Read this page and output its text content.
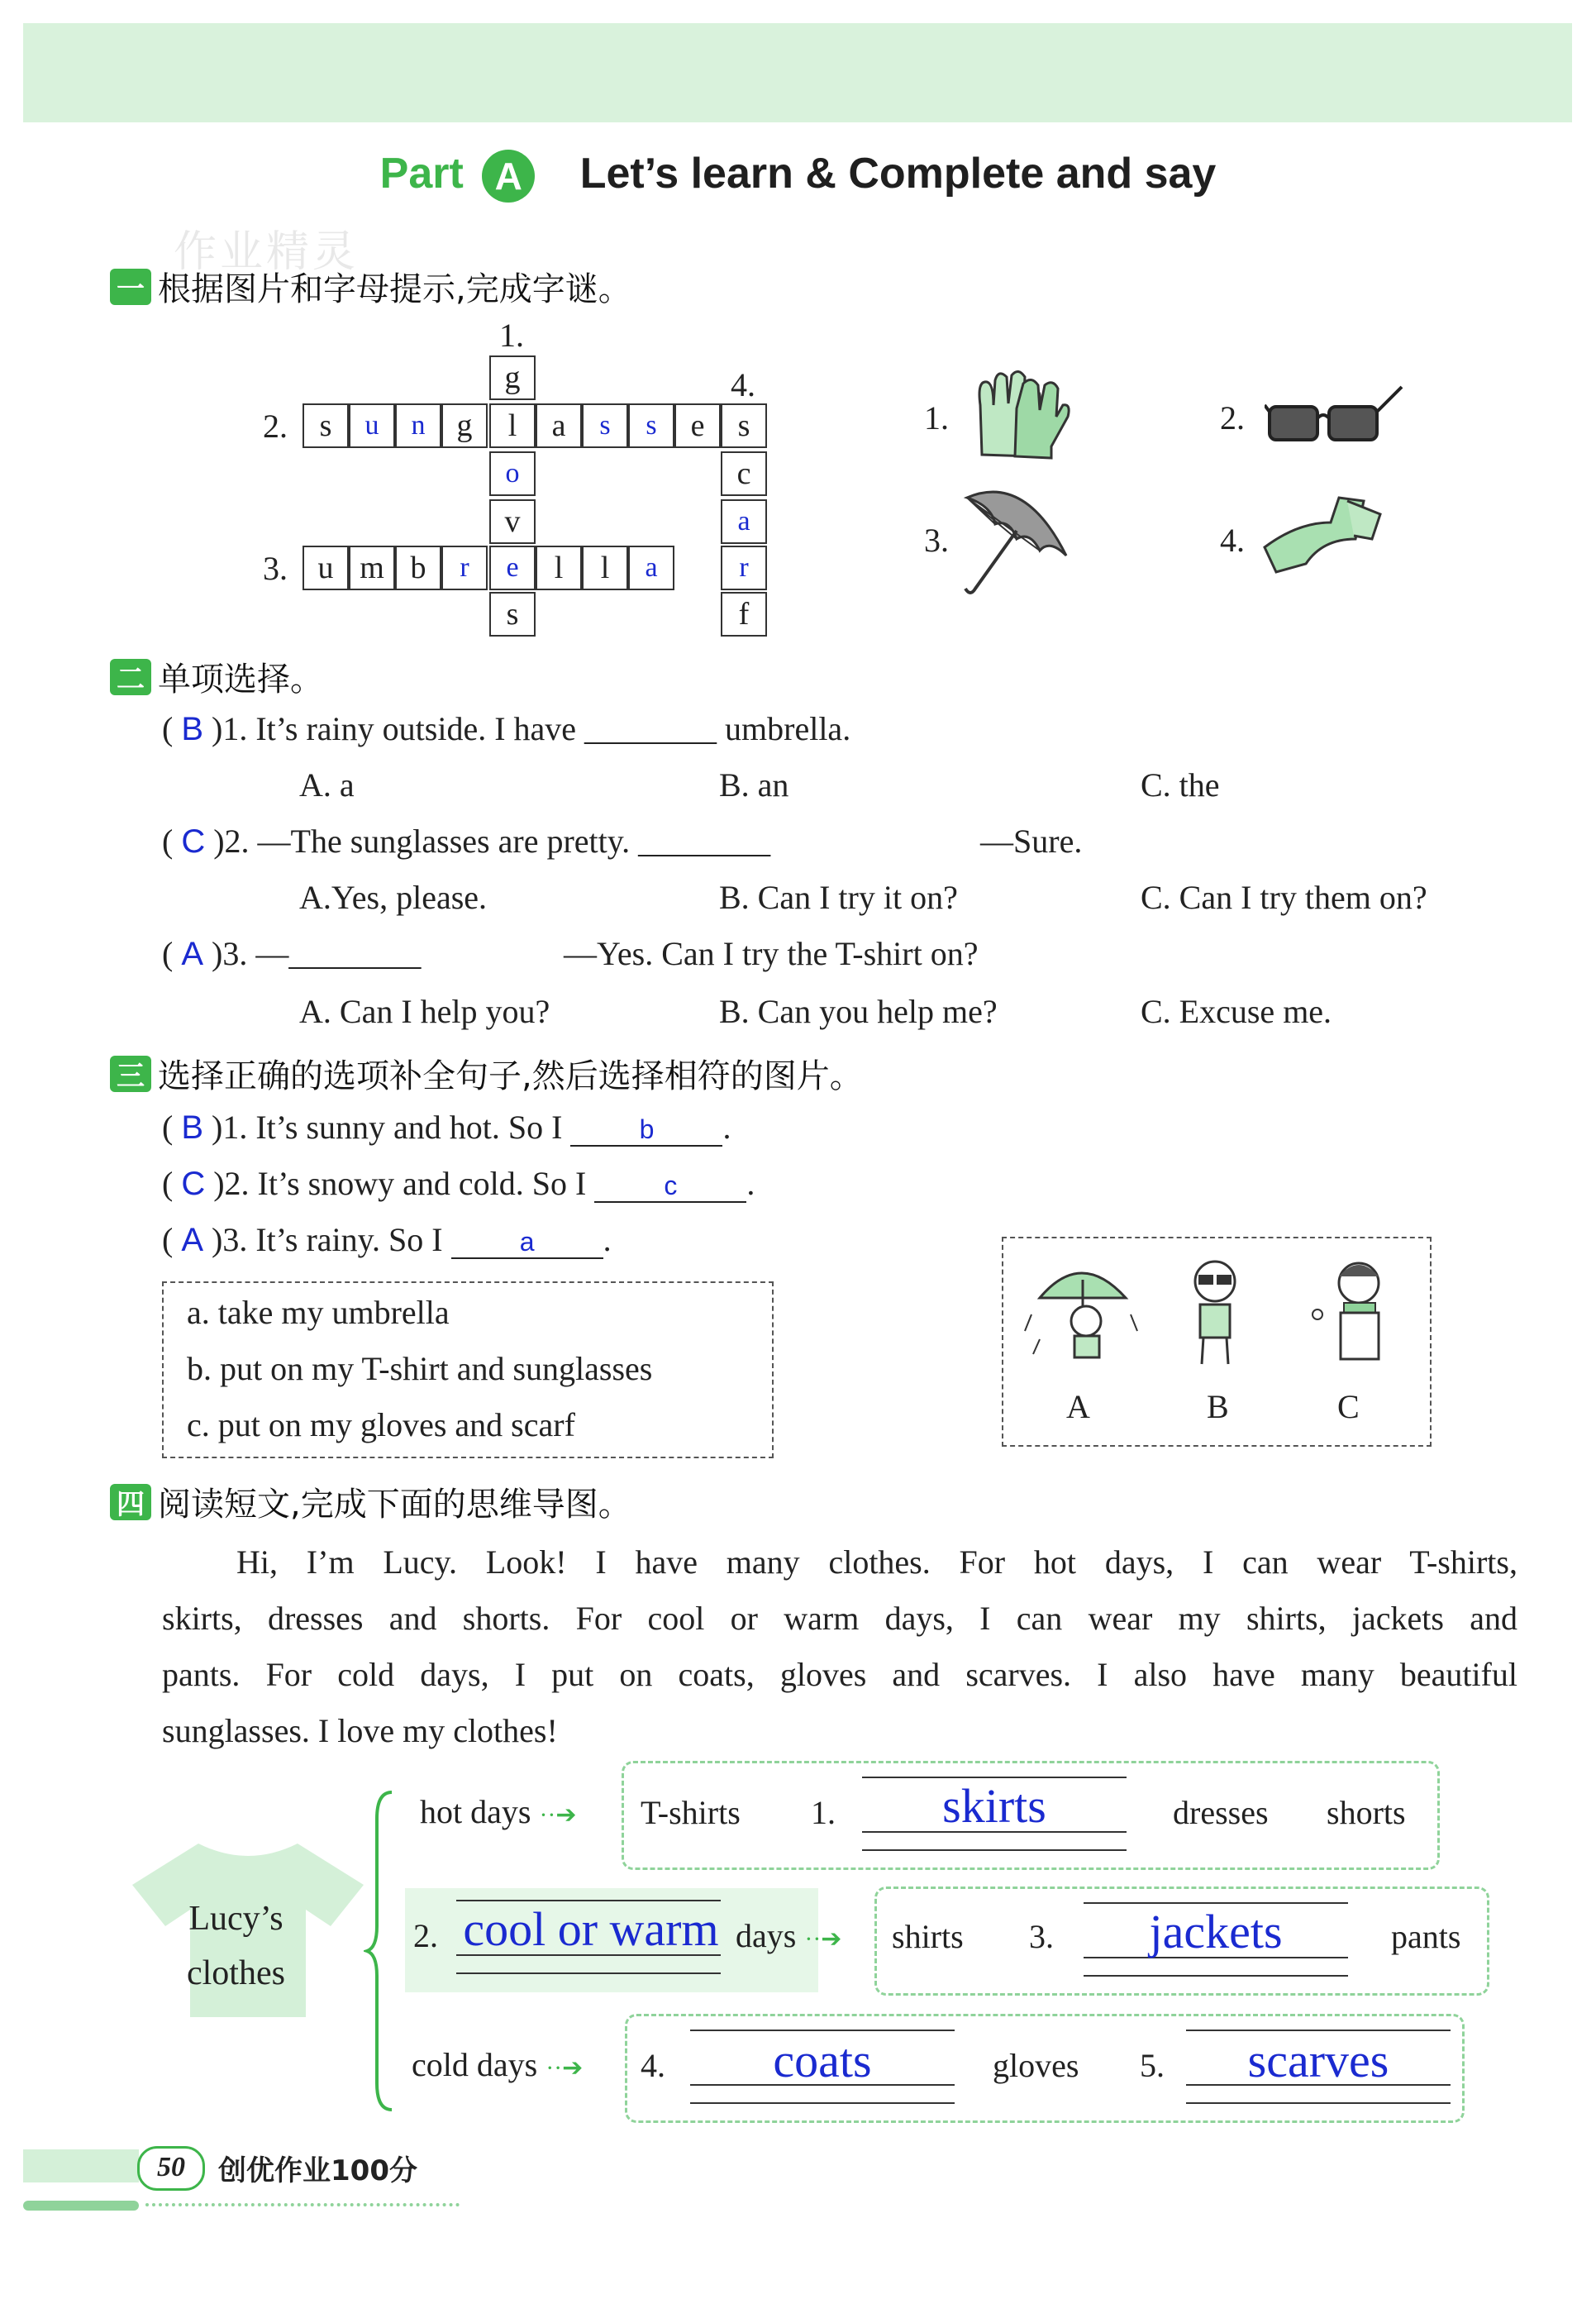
Part A Let’s learn & Complete and say
作业精灵
一 根据图片和字母提示,完成字谜。
1.
2.
3.
4.
g
s	u	n	g	l	a	s	s	e	s
o	c
v	a
u m b	r	e	l	l	a	r
s	f
1.	2.
3.	4.
二 单项选择。
( B )1. It’s rainy outside. I have ________ umbrella.
A. a	B. an	C. the
( C )2. —The sunglasses are pretty. ________	—Sure.
A.Yes, please.	B. Can I try it on?	C. Can I try them on?
( A )3. —________	—Yes. Can I try the T-shirt on?
A. Can I help you?	B. Can you help me?	C. Excuse me.
三 选择正确的选项补全句子,然后选择相符的图片。
( B )1. It’s sunny and hot. So I	b .
( C )2. It’s snowy and cold. So I	c .
( A )3. It’s rainy. So I	a .
a. take my umbrella
b. put on my T-shirt and sunglasses
c. put on my gloves and scarf	A	B	C
四 阅读短文,完成下面的思维导图。
Hi, I’m Lucy. Look! I have many clothes. For hot days, I can wear T-shirts,
skirts, dresses and shorts. For cool or warm days, I can wear my shirts, jackets and
pants. For cold days, I put on coats, gloves and scarves. I also have many beautiful
sunglasses. I love my clothes!
Lucy’s
clothes
hot days ··➔ T-shirts 1.	skirts	dresses shorts
2. cool or warm days ··➔ shirts 3.	jackets	pants
cold days ··➔ 4.	coats	gloves 5.	scarves
50	创优作业100分
